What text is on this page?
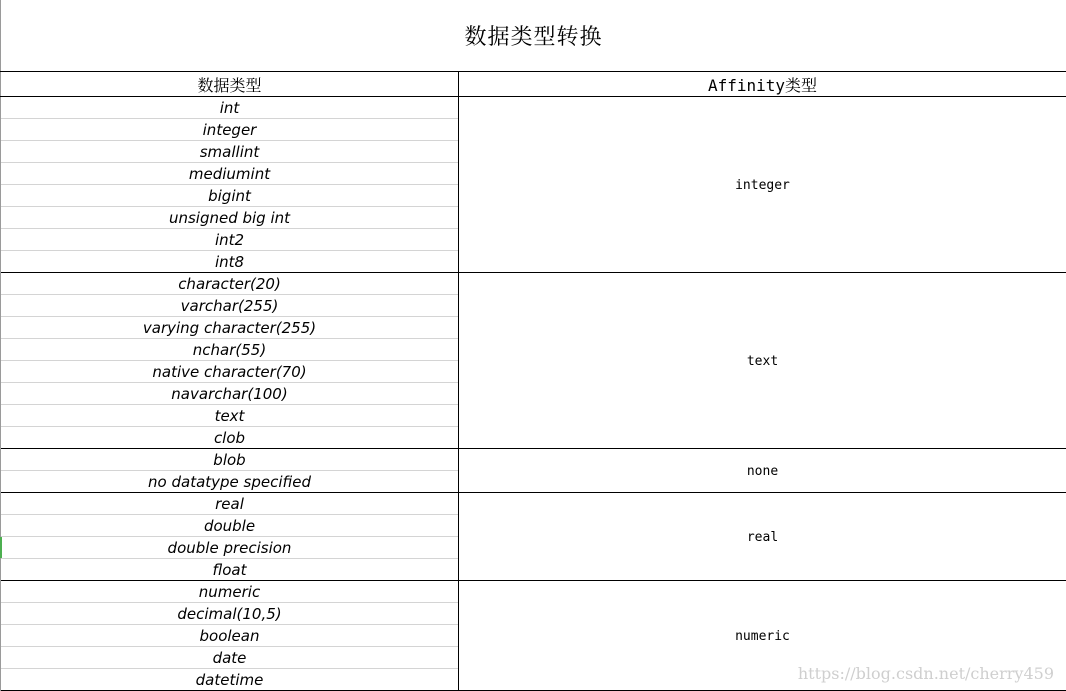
数据类型转换
数据类型	Affinity类型
int
integer
smallint
mediumint
bigint
unsigned big int
int2
int8
character(20)
varchar(255)
varying character(255)
nchar(55)
native character(70)
navarchar(100)
text
clob
blob
no datatype specified
real
double
double precision
float
numeric
decimal(10,5)
boolean
date
datetime
integer
text
none
real
numeric
https://blog.csdn.net/cherry459
